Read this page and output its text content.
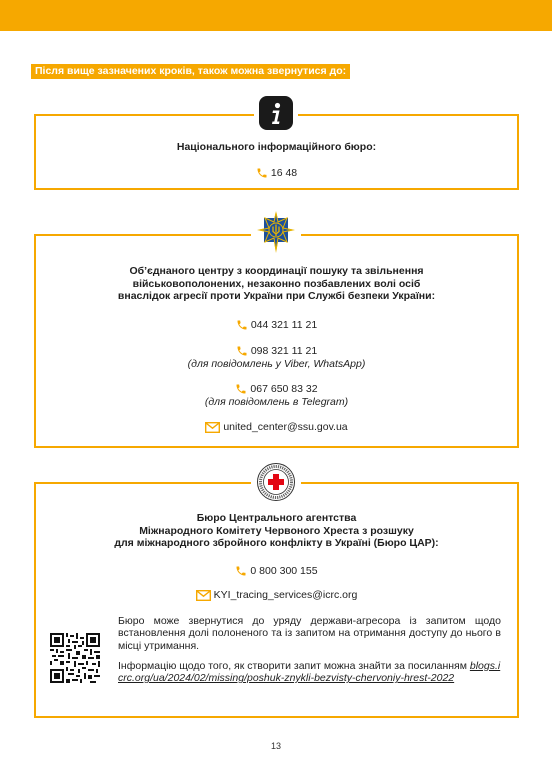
Після вище зазначених кроків, також можна звернутися до:
Національного інформаційного бюро:
16 48
Об’єднаного центру з координації пошуку та звільнення
військовополонених, незаконно позбавлених волі осіб
внаслідок агресії проти України при Службі безпеки України:
044 321 11 21
098 321 11 21
(для повідомлень у Viber, WhatsApp)
067 650 83 32
(для повідомлень в Telegram)
united_center@ssu.gov.ua
Бюро Центрального агентства
Міжнародного Комітету Червоного Хреста з розшуку
для міжнародного збройного конфлікту в Україні (Бюро ЦАР):
0 800 300 155
KYI_tracing_services@icrc.org

Бюро може звернутися до уряду держави-агресора із запитом щодо встановлення долі полоненого та із запитом на отримання доступу до нього в місці утримання.

Інформацію щодо того, як створити запит можна знайти за посиланням blogs.icrc.org/ua/2024/02/missing/poshuk-znykli-bezvisty-chervoniy-hrest-2022

13
